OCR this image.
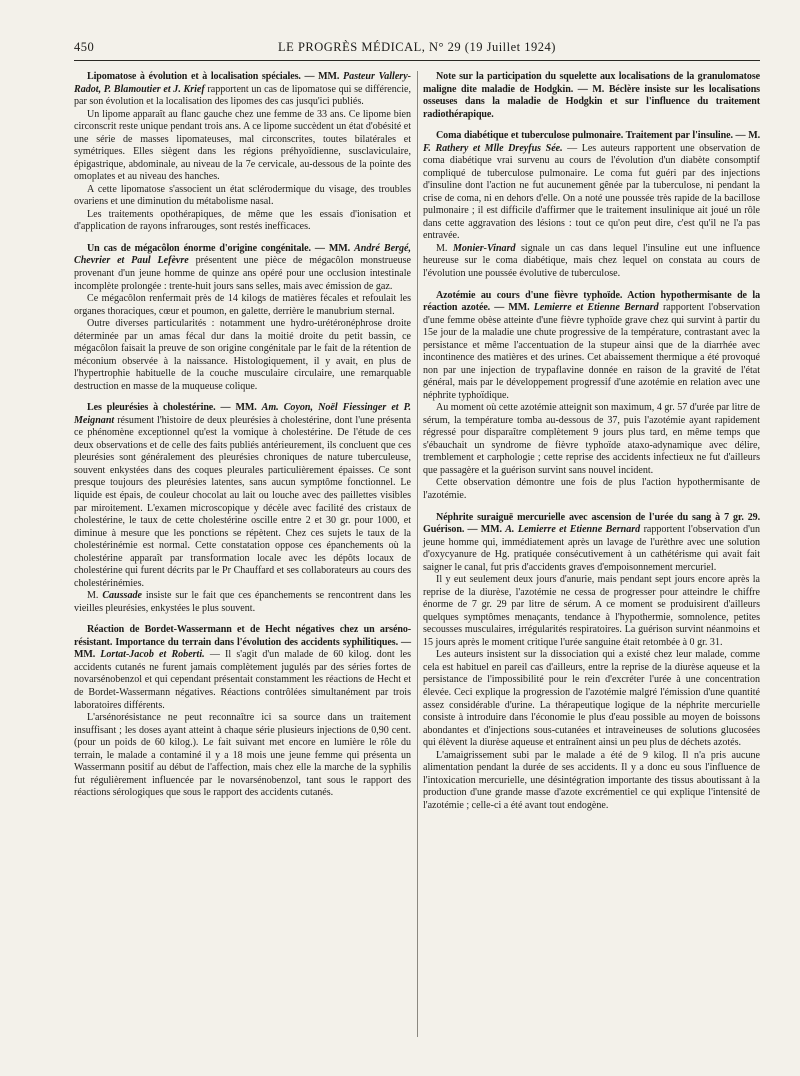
450	LE PROGRÈS MÉDICAL, N° 29 (19 Juillet 1924)

Lipomatose à évolution et à localisation spéciales. — MM. Pasteur Vallery-Radot, P. Blamoutier et J. Krief rapportent un cas de lipomatose qui se différencie, par son évolution et la localisation des lipomes des cas jusqu'ici publiés.

Un lipome apparaît au flanc gauche chez une femme de 33 ans. Ce lipome bien circonscrit reste unique pendant trois ans. A ce lipome succèdent un état d'obésité et une série de masses lipomateuses, mal circonscrites, toutes bilatérales et symétriques. Elles siègent dans les régions préhyoïdienne, susclaviculaire, épigastrique, abdominale, au niveau de la 7e cervicale, au-dessous de la pointe des omoplates et au niveau des hanches.

A cette lipomatose s'associent un état sclérodermique du visage, des troubles ovariens et une diminution du métabolisme nasal.

Les traitements opothérapiques, de même que les essais d'ionisation et d'application de rayons infrarouges, sont restés inefficaces.

Un cas de mégacôlon énorme d'origine congénitale. — MM. André Bergé, Chevrier et Paul Lefèvre présentent une pièce de mégacôlon monstrueuse provenant d'un jeune homme de quinze ans opéré pour une occlusion intestinale incomplète prolongée : trente-huit jours sans selles, mais avec émission de gaz.

Ce mégacôlon renfermait près de 14 kilogs de matières fécales et refoulait les organes thoraciques, cœur et poumon, en galette, derrière le manubrium sternal.

Outre diverses particularités : notamment une hydro-urétéronéphrose droite déterminée par un amas fécal dur dans la moitié droite du petit bassin, ce mégacôlon faisait la preuve de son origine congénitale par le fait de la rétention de méconium observée à la naissance. Histologiquement, il y avait, en plus de l'hypertrophie habituelle de la couche musculaire circulaire, une remarquable destruction en masse de la muqueuse colique.

Les pleurésies à cholestérine. — MM. Am. Coyon, Noël Fiessinger et P. Meignant résument l'histoire de deux pleurésies à cholestérine, dont l'une présenta ce phénomène exceptionnel qu'est la vomique à cholestérine. De l'étude de ces deux observations et de celle des faits publiés antérieurement, ils concluent que ces pleurésies sont généralement des pleurésies chroniques de nature tuberculeuse, souvent enkystées dans des coques pleurales particulièrement épaisses. Ce sont presque toujours des pleurésies latentes, sans aucun symptôme fonctionnel. Le liquide est épais, de couleur chocolat au lait ou louche avec des paillettes visibles par miroitement. L'examen microscopique y décèle avec facilité des cristaux de cholestérine, le taux de cette cholestérine oscille entre 2 et 30 gr. pour 1000, et diminue à mesure que les ponctions se répètent. Chez ces sujets le taux de la cholestérinémie est normal. Cette constatation oppose ces épanchements où la cholestérine apparaît par transformation locale avec les dépôts locaux de cholestérine qui furent décrits par le Pr Chauffard et ses collaborateurs au cours des cholestérinémies.

M. Caussade insiste sur le fait que ces épanchements se rencontrent dans les vieilles pleurésies, enkystées le plus souvent.

Réaction de Bordet-Wassermann et de Hecht négatives chez un arséno-résistant. Importance du terrain dans l'évolution des accidents syphilitiques. — MM. Lortat-Jacob et Roberti. — Il s'agit d'un malade de 60 kilog. dont les accidents cutanés ne furent jamais complètement jugulés par des séries fortes de novarsénobenzol et qui cependant présentait constamment les réactions de Hecht et de Bordet-Wassermann négatives. Réactions contrôlées simultanément par trois laboratoires différents.

L'arsénorésistance ne peut reconnaître ici sa source dans un traitement insuffisant ; les doses ayant atteint à chaque série plusieurs injections de 0,90 cent. (pour un poids de 60 kilog.). Le fait suivant met encore en lumière le rôle du terrain, le malade a contaminé il y a 18 mois une jeune femme qui présenta un Wassermann positif au début de l'affection, mais chez elle la marche de la syphilis fut régulièrement influencée par le novarsénobenzol, tant sous le rapport des réactions sérologiques que sous le rapport des accidents cutanés.

Note sur la participation du squelette aux localisations de la granulomatose maligne dite maladie de Hodgkin. — M. Béclère insiste sur les localisations osseuses dans la maladie de Hodgkin et sur l'influence du traitement radiothérapique.

Coma diabétique et tuberculose pulmonaire. Traitement par l'insuline. — M. F. Rathery et Mlle Dreyfus Sée. — Les auteurs rapportent une observation de coma diabétique vrai survenu au cours de l'évolution d'un diabète consomptif compliqué de tuberculose pulmonaire. Le coma fut guéri par des injections d'insuline dont l'action ne fut aucunement gênée par la tuberculose, ni pendant la crise de coma, ni en dehors d'elle. On a noté une poussée très rapide de la bacillose pulmonaire ; il est difficile d'affirmer que le traitement insulinique ait joué un rôle dans cette aggravation des lésions : tout ce qu'on peut dire, c'est qu'il ne l'a pas entravée.

M. Monier-Vinard signale un cas dans lequel l'insuline eut une influence heureuse sur le coma diabétique, mais chez lequel on constata au cours de l'évolution une poussée évolutive de tuberculose.

Azotémie au cours d'une fièvre typhoïde. Action hypothermisante de la réaction azotée. — MM. Lemierre et Etienne Bernard rapportent l'observation d'une femme obèse atteinte d'une fièvre typhoïde grave chez qui survint à partir du 15e jour de la maladie une chute progressive de la température, contrastant avec la persistance et même l'accentuation de la stupeur ainsi que de la diarrhée avec incontinence des matières et des urines. Cet abaissement thermique a été provoqué non par une injection de trypaflavine donnée en raison de la gravité de l'état général, mais par le développement progressif d'une azotémie en relation avec une néphrite typhoïdique.

Au moment où cette azotémie atteignit son maximum, 4 gr. 57 d'urée par litre de sérum, la température tomba au-dessous de 37, puis l'azotémie ayant rapidement régressé pour disparaître complètement 9 jours plus tard, en même temps que s'ébauchait un syndrome de fièvre typhoïde ataxo-adynamique avec délire, tremblement et carphologie ; cette reprise des accidents infectieux ne fut d'ailleurs que passagère et la guérison survint sans nouvel incident.

Cette observation démontre une fois de plus l'action hypothermisante de l'azotémie.

Néphrite suraiguë mercurielle avec ascension de l'urée du sang à 7 gr. 29. Guérison. — MM. A. Lemierre et Etienne Bernard rapportent l'observation d'un jeune homme qui, immédiatement après un lavage de l'urèthre avec une solution d'oxycyanure de Hg. pratiquée consécutivement à un cathétérisme qui avait fait saigner le canal, fut pris d'accidents graves d'empoisonnement mercuriel.

Il y eut seulement deux jours d'anurie, mais pendant sept jours encore après la reprise de la diurèse, l'azotémie ne cessa de progresser pour atteindre le chiffre énorme de 7 gr. 29 par litre de sérum. A ce moment se produisirent d'ailleurs quelques symptômes menaçants, tendance à l'hypothermie, somnolence, petites secousses musculaires, irrégularités respiratoires. La guérison survint néanmoins et 15 jours après le moment critique l'urée sanguine était retombée à 0 gr. 31.

Les auteurs insistent sur la dissociation qui a existé chez leur malade, comme cela est habituel en pareil cas d'ailleurs, entre la reprise de la diurèse aqueuse et la persistance de l'impossibilité pour le rein d'excréter l'urée à une concentration élevée. Ceci explique la progression de l'azotémie malgré l'émission d'une quantité assez considérable d'urine. La thérapeutique logique de la néphrite mercurielle consiste à introduire dans l'économie le plus d'eau possible au moyen de boissons abondantes et d'injections sous-cutanées et intraveineuses de solutions glucosées qui élèvent la diurèse aqueuse et entraînent ainsi un peu plus de déchets azotés.

L'amaigrissement subi par le malade a été de 9 kilog. Il n'a pris aucune alimentation pendant la durée de ses accidents. Il y a donc eu sous l'influence de l'intoxication mercurielle, une désintégration importante des tissus aboutissant à la production d'une grande masse d'azote excrémentiel ce qui explique l'intensité de l'azotémie ; celle-ci a été avant tout endogène.
